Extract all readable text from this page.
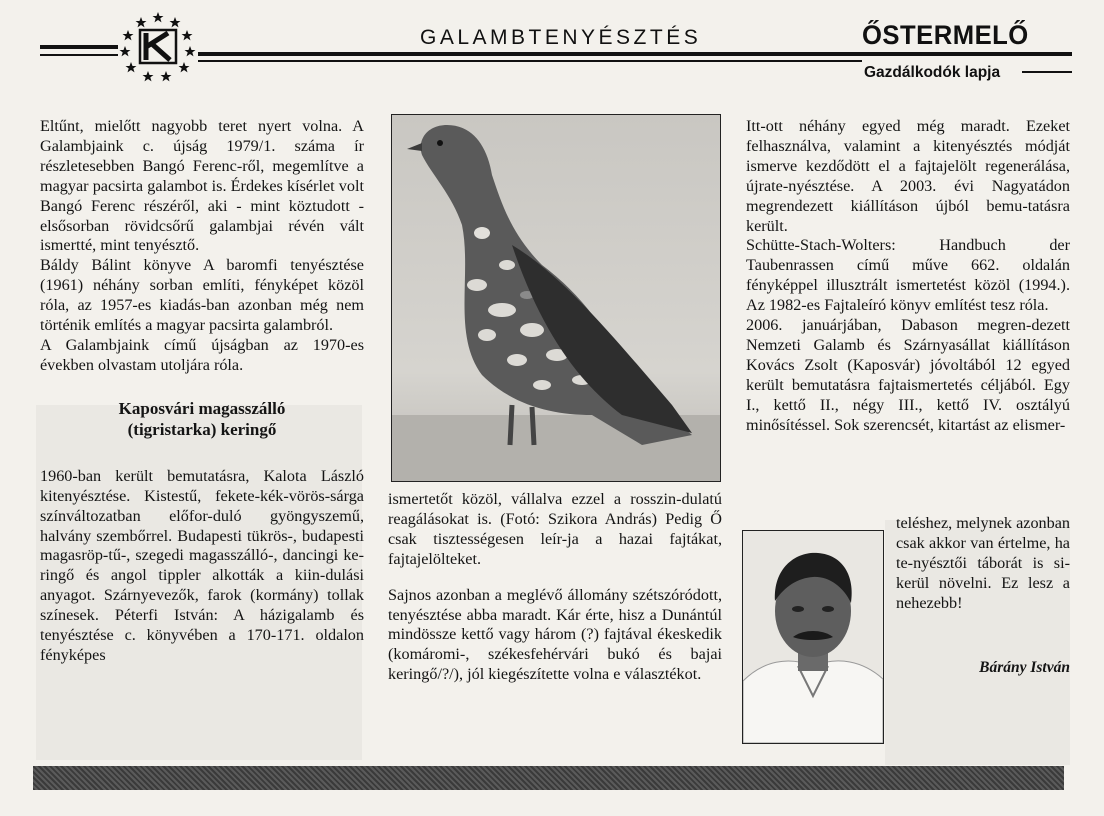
GALAMBTENYÉSZTÉS	ŐSTERMELŐ
Gazdálkodók lapja

Eltűnt, mielőtt nagyobb teret nyert volna. A Galambjaink c. újság 1979/1. száma ír részletesebben Bangó Ferenc-ről, megemlítve a magyar pacsirta galambot is. Érdekes kísérlet volt Bangó Ferenc részéről, aki - mint köztudott - elsősorban rövidcsőrű galambjai révén vált ismertté, mint tenyésztő.

Báldy Bálint könyve A baromfi tenyésztése (1961) néhány sorban említi, fényképet közöl róla, az 1957-es kiadás-ban azonban még nem történik említés a magyar pacsirta galambról.

A Galambjaink című újságban az 1970-es években olvastam utoljára róla.

Kaposvári magasszálló
(tigristarka) keringő

1960-ban került bemutatásra, Kalota László kitenyésztése. Kistestű, fekete-kék-vörös-sárga színváltozatban előfor-duló gyöngyszemű, halvány szembőrrel. Budapesti tükrös-, budapesti magasröp-tű-, szegedi magasszálló-, dancingi ke-ringő és angol tippler alkották a kiin-dulási anyagot. Szárnyevezők, farok (kormány) tollak színesek. Péterfi István: A házigalamb és tenyésztése c. könyvében a 170-171. oldalon fényképes

ismertetőt közöl, vállalva ezzel a rosszin-dulatú reagálásokat is. (Fotó: Szikora András) Pedig Ő csak tisztességesen leír-ja a hazai fajtákat, fajtajelölteket.

Sajnos azonban a meglévő állomány szétszóródott, tenyésztése abba maradt. Kár érte, hisz a Dunántúl mindössze kettő vagy három (?) fajtával ékeskedik (komáromi-, székesfehérvári bukó és bajai keringő/?/), jól kiegészítette volna e választékot.

Itt-ott néhány egyed még maradt. Ezeket felhasználva, valamint a kitenyésztés módját ismerve kezdődött el a fajtajelölt regenerálása, újrate-nyésztése. A 2003. évi Nagyatádon megrendezett kiállításon újból bemu-tatásra került.

Schütte-Stach-Wolters: Handbuch der Taubenrassen című műve 662. oldalán fényképpel illusztrált ismertetést közöl (1994.). Az 1982-es Fajtaleíró könyv említést tesz róla.

2006. januárjában, Dabason megren-dezett Nemzeti Galamb és Szárnyasállat kiállításon Kovács Zsolt (Kaposvár) jóvoltából 12 egyed került bemutatásra fajtaismertetés céljából. Egy I., kettő II., négy III., kettő IV. osztályú minősítéssel. Sok szerencsét, kitartást az elismer-

teléshez, melynek azonban csak akkor van értelme, ha te-nyésztői táborát is si-kerül növelni. Ez lesz a nehezebb!

Bárány István
